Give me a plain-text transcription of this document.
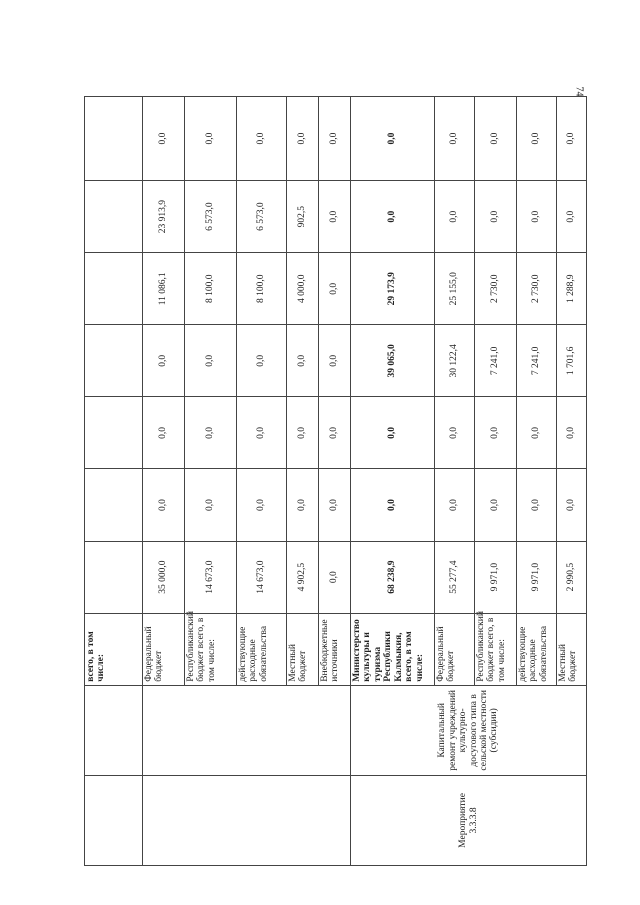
74
		всего, в том числе:							
		Федеральный бюджет	35 000,0	0,0	0,0	0,0	11 086,1	23 913,9	0,0
		Республиканский бюджет всего, в том числе:	14 673,0	0,0	0,0	0,0	8 100,0	6 573,0	0,0
		действующие расходные обязательства	14 673,0	0,0	0,0	0,0	8 100,0	6 573,0	0,0
		Местный бюджет	4 902,5	0,0	0,0	0,0	4 000,0	902,5	0,0
		Внебюджетные источники	0,0	0,0	0,0	0,0	0,0	0,0	0,0
Мероприятие 3.3.3.8	Капитальный ремонт учреждений культурно-досугового типа в сельской местности (субсидии)	Министерство культуры и туризма Республики Калмыкия, всего, в том числе:	68 238,9	0,0	0,0	39 065,0	29 173,9	0,0	0,0
		Федеральный бюджет	55 277,4	0,0	0,0	30 122,4	25 155,0	0,0	0,0
		Республиканский бюджет всего, в том числе:	9 971,0	0,0	0,0	7 241,0	2 730,0	0,0	0,0
		действующие расходные обязательства	9 971,0	0,0	0,0	7 241,0	2 730,0	0,0	0,0
		Местный бюджет	2 990,5	0,0	0,0	1 701,6	1 288,9	0,0	0,0
